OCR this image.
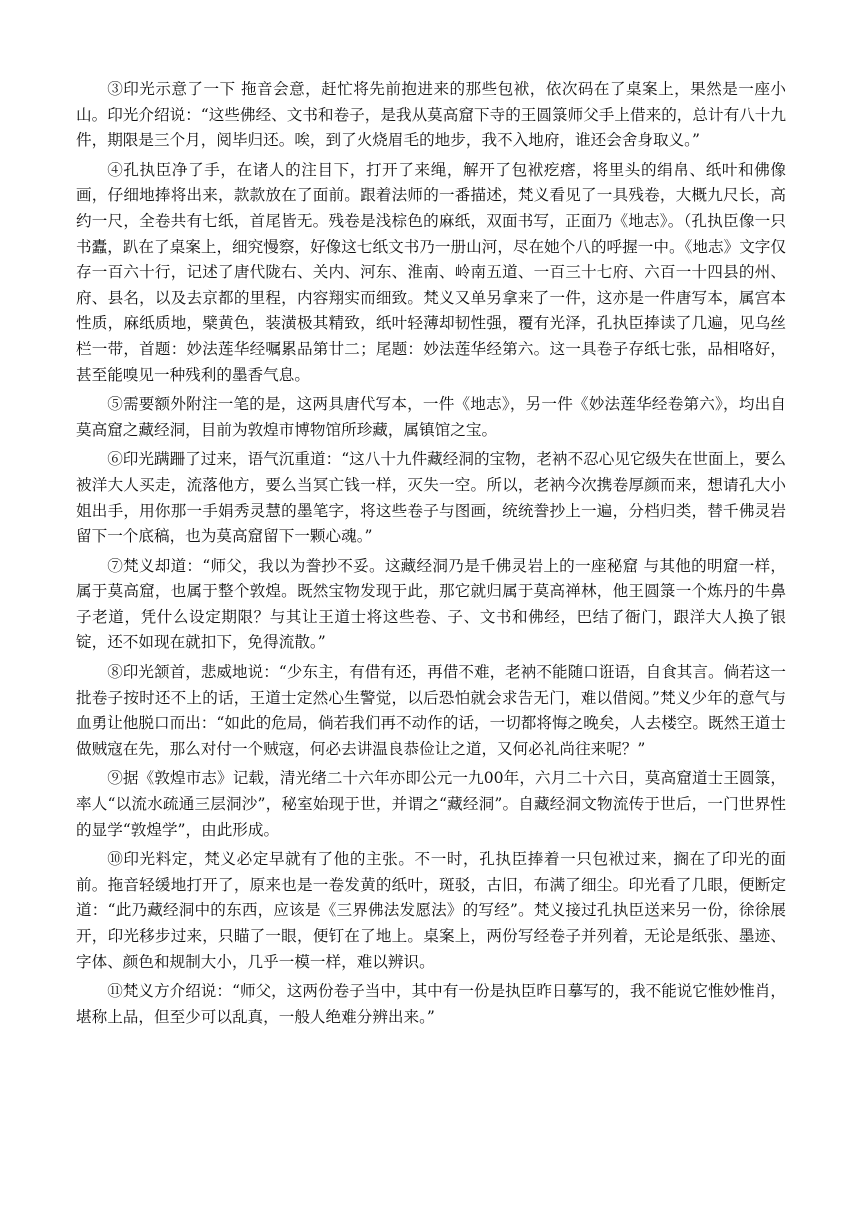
③印光示意了一下 拖音会意，赶忙将先前抱进来的那些包袱，依次码在了桌案上，果然是一座小山。印光介绍说：“这些佛经、文书和卷子，是我从莫高窟下寺的王圆箓师父手上借来的，总计有八十九件，期限是三个月，阅毕归还。唉，到了火烧眉毛的地步，我不入地府，谁还会舍身取义。”

④孔执臣净了手，在诸人的注目下，打开了来绳，解开了包袱疙瘩，将里头的绢帛、纸叶和佛像画，仔细地捧将出来，款款放在了面前。跟着法师的一番描述，梵义看见了一具残卷，大概九尺长，高约一尺，全卷共有七纸，首尾皆无。残卷是浅棕色的麻纸，双面书写，正面乃《地志》。（孔执臣像一只书蠹，趴在了桌案上，细究慢察，好像这七纸文书乃一册山河，尽在她个八的呼握一中。《地志》文字仅存一百六十行，记述了唐代陇右、关内、河东、淮南、岭南五道、一百三十七府、六百一十四县的州、府、县名，以及去京都的里程，内容翔实而细致。梵义又单另拿来了一件，这亦是一件唐写本，属宫本性质，麻纸质地，檗黄色，装潢极其精致，纸叶轻薄却韧性强，覆有光泽，孔执臣捧读了几遍，见乌丝栏一带，首题：妙法莲华经嘱累品第廿二；尾题：妙法莲华经第六。这一具卷子存纸七张，品相咯好，甚至能嗅见一种残利的墨香气息。

⑤需要额外附注一笔的是，这两具唐代写本，一件《地志》，另一件《妙法莲华经卷第六》，均出自莫高窟之藏经洞，目前为敦煌市博物馆所珍藏，属镇馆之宝。

⑥印光蹒跚了过来，语气沉重道：“这八十九件藏经洞的宝物，老衲不忍心见它级失在世面上，要么被洋大人买走，流落他方，要么当冥亡钱一样，灭失一空。所以，老衲今次携卷厚颜而来，想请孔大小姐出手，用你那一手娟秀灵慧的墨笔字，将这些卷子与图画，统统誊抄上一遍，分档归类，替千佛灵岩留下一个底稿，也为莫高窟留下一颗心魂。”

⑦梵义却道：“师父，我以为誊抄不妥。这藏经洞乃是千佛灵岩上的一座秘窟 与其他的明窟一样，属于莫高窟，也属于整个敦煌。既然宝物发现于此，那它就归属于莫高禅林，他王圆箓一个炼丹的牛鼻子老道，凭什么设定期限？与其让王道士将这些卷、子、文书和佛经，巴结了衙门，跟洋大人换了银锭，还不如现在就扣下，免得流散。”

⑧印光颔首，悲威地说：“少东主，有借有还，再借不难，老衲不能随口诳语，自食其言。倘若这一批卷子按时还不上的话，王道士定然心生警觉，以后恐怕就会求告无门，难以借阅。”梵义少年的意气与血勇让他脱口而出：“如此的危局，倘若我们再不动作的话，一切都将悔之晚矣，人去楼空。既然王道士做贼寇在先，那么对付一个贼寇，何必去讲温良恭俭让之道，又何必礼尚往来呢？”

⑨据《敦煌市志》记载，清光绪二十六年亦即公元一九00年，六月二十六日，莫高窟道士王圆箓，率人“以流水疏通三层洞沙”，秘室始现于世，并谓之“藏经洞”。自藏经洞文物流传于世后，一门世界性的显学“敦煌学”，由此形成。

⑩印光料定，梵义必定早就有了他的主张。不一时，孔执臣捧着一只包袱过来，搁在了印光的面前。拖音轻缓地打开了，原来也是一卷发黄的纸叶，斑驳，古旧，布满了细尘。印光看了几眼，便断定道：“此乃藏经洞中的东西，应该是《三界佛法发愿法》的写经”。梵义接过孔执臣送来另一份，徐徐展开，印光移步过来，只瞄了一眼，便钉在了地上。桌案上，两份写经卷子并列着，无论是纸张、墨迹、字体、颜色和规制大小，几乎一模一样，难以辨识。

⑪梵义方介绍说：“师父，这两份卷子当中，其中有一份是执臣昨日摹写的，我不能说它惟妙惟肖，堪称上品，但至少可以乱真，一般人绝难分辨出来。”
